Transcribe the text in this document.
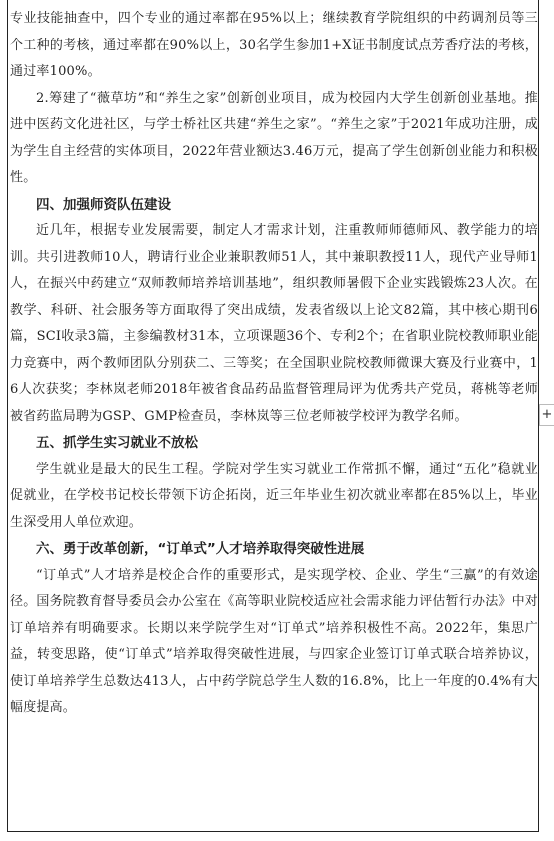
专业技能抽查中，四个专业的通过率都在95%以上；继续教育学院组织的中药调剂员等三个工种的考核，通过率都在90%以上，30名学生参加1+X证书制度试点芳香疗法的考核，通过率100%。

2.筹建了“薇草坊”和“养生之家”创新创业项目，成为校园内大学生创新创业基地。推进中医药文化进社区，与学士桥社区共建“养生之家”。“养生之家”于2021年成功注册，成为学生自主经营的实体项目，2022年营业额达3.46万元，提高了学生创新创业能力和积极性。

四、加强师资队伍建设

近几年，根据专业发展需要，制定人才需求计划，注重教师师德师风、教学能力的培训。共引进教师10人，聘请行业企业兼职教师51人，其中兼职教授11人，现代产业导师1人，在振兴中药建立“双师教师培养培训基地”，组织教师暑假下企业实践锻炼23人次。在教学、科研、社会服务等方面取得了突出成绩，发表省级以上论文82篇，其中核心期刊6篇，SCI收录3篇，主参编教材31本，立项课题36个、专利2个；在省职业院校教师职业能力竞赛中，两个教师团队分别获二、三等奖；在全国职业院校教师微课大赛及行业赛中，16人次获奖；李林岚老师2018年被省食品药品监督管理局评为优秀共产党员，蒋桃等老师被省药监局聘为GSP、GMP检查员，李林岚等三位老师被学校评为教学名师。

五、抓学生实习就业不放松

学生就业是最大的民生工程。学院对学生实习就业工作常抓不懈，通过“五化”稳就业促就业，在学校书记校长带领下访企拓岗，近三年毕业生初次就业率都在85%以上，毕业生深受用人单位欢迎。

六、勇于改革创新，“订单式”人才培养取得突破性进展

“订单式”人才培养是校企合作的重要形式，是实现学校、企业、学生“三赢”的有效途径。国务院教育督导委员会办公室在《高等职业院校适应社会需求能力评估暂行办法》中对订单培养有明确要求。长期以来学院学生对“订单式”培养积极性不高。2022年，集思广益，转变思路，使“订单式”培养取得突破性进展，与四家企业签订订单式联合培养协议，使订单培养学生总数达413人，占中药学院总学生人数的16.8%，比上一年度的0.4%有大幅度提高。

+
